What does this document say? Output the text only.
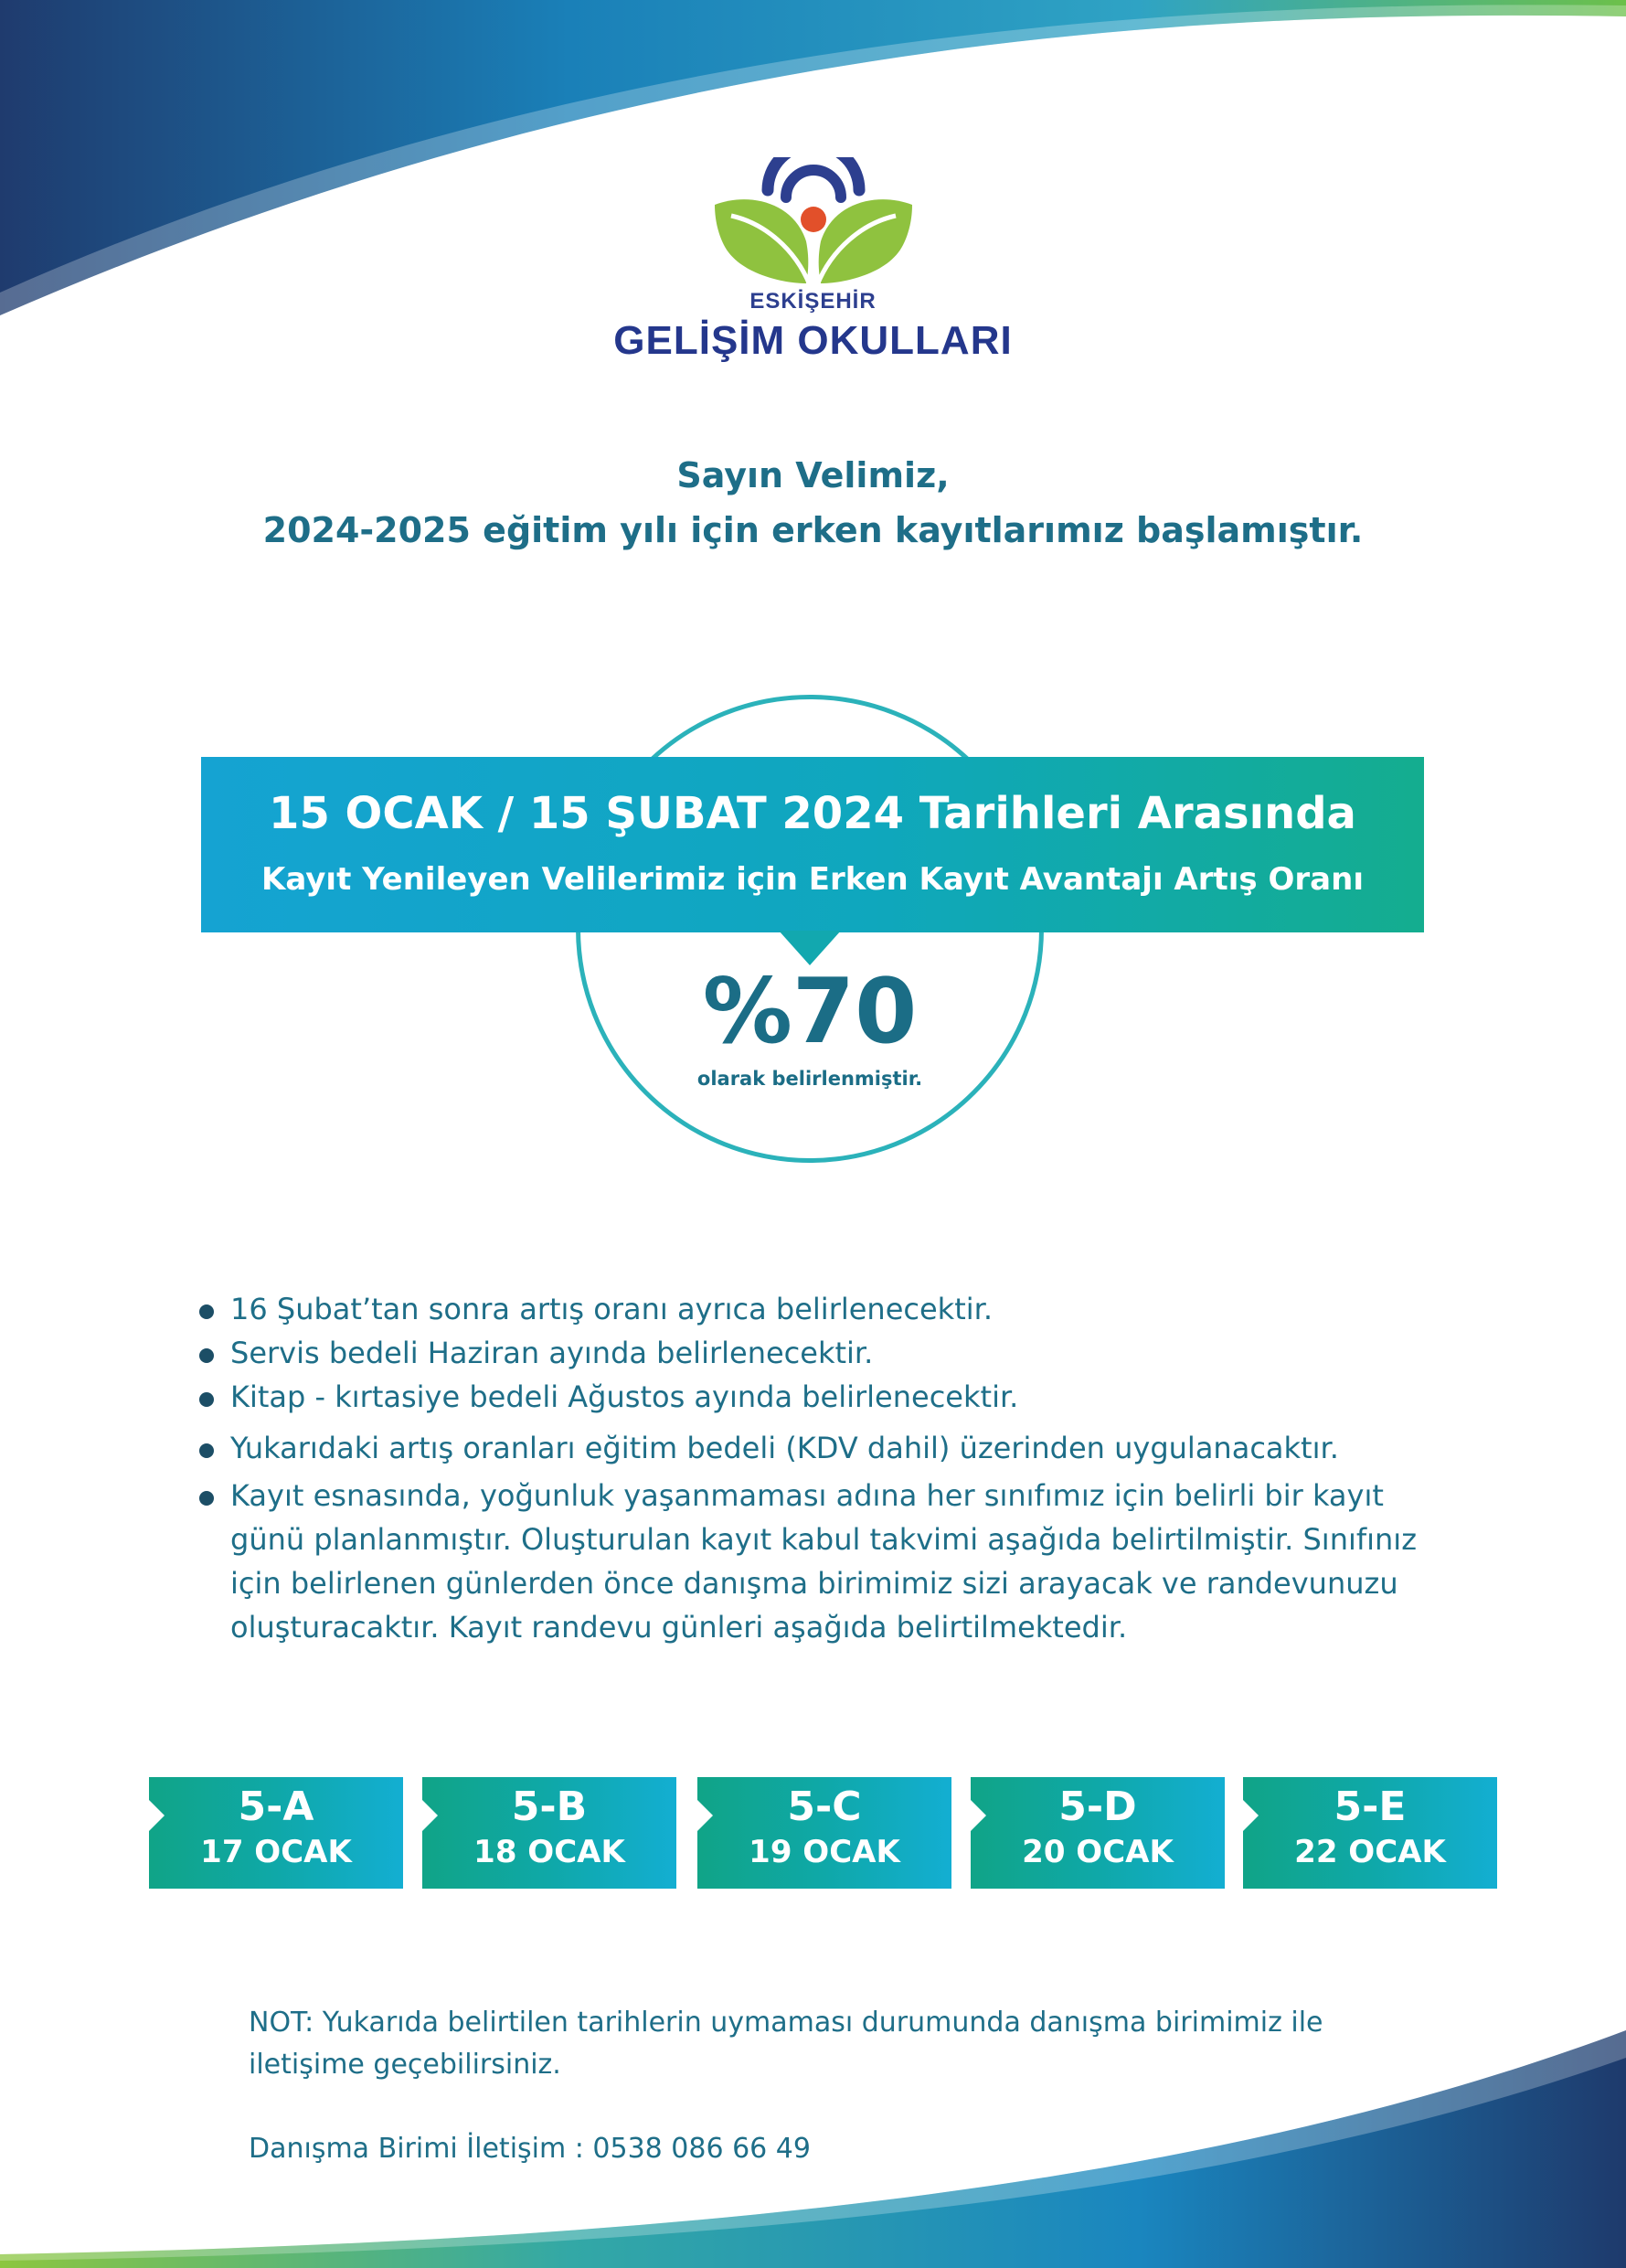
ESKİŞEHİR
GELİŞİM OKULLARI
Sayın Velimiz,
2024-2025 eğitim yılı için erken kayıtlarımız başlamıştır.
15 OCAK / 15 ŞUBAT 2024 Tarihleri Arasında
Kayıt Yenileyen Velilerimiz için Erken Kayıt Avantajı Artış Oranı
%70
olarak belirlenmiştir.
16 Şubat’tan sonra artış oranı ayrıca belirlenecektir.
Servis bedeli Haziran ayında belirlenecektir.
Kitap - kırtasiye bedeli Ağustos ayında belirlenecektir.
Yukarıdaki artış oranları eğitim bedeli (KDV dahil) üzerinden uygulanacaktır.
Kayıt esnasında, yoğunluk yaşanmaması adına her sınıfımız için belirli bir kayıt günü planlanmıştır. Oluşturulan kayıt kabul takvimi aşağıda belirtilmiştir. Sınıfınız için belirlenen günlerden önce danışma birimimiz sizi arayacak ve randevunuzu oluşturacaktır. Kayıt randevu günleri aşağıda belirtilmektedir.
5-A
17 OCAK
5-B
18 OCAK
5-C
19 OCAK
5-D
20 OCAK
5-E
22 OCAK
NOT: Yukarıda belirtilen tarihlerin uymaması durumunda danışma birimimiz ile iletişime geçebilirsiniz.
Danışma Birimi İletişim : 0538 086 66 49
